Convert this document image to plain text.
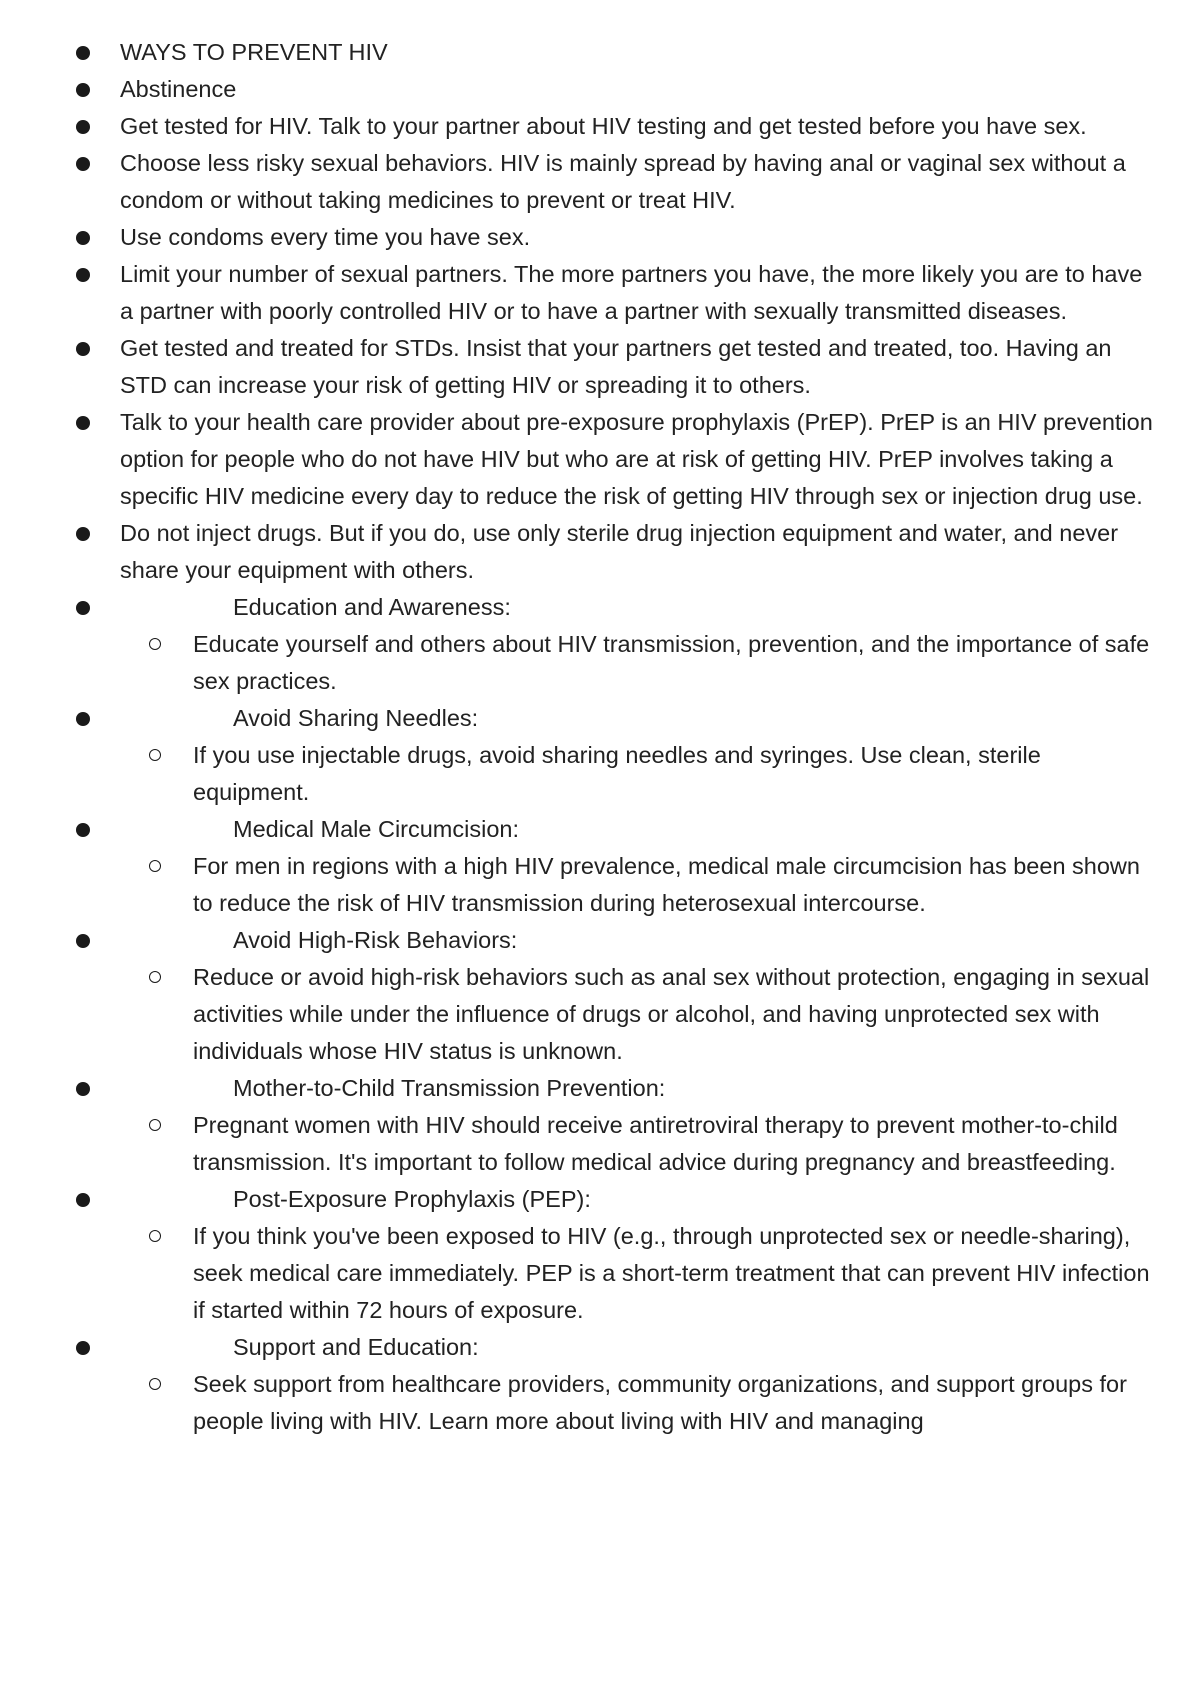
WAYS TO PREVENT HIV
Abstinence
Get tested for HIV. Talk to your partner about HIV testing and get tested before you have sex.
Choose less risky sexual behaviors. HIV is mainly spread by having anal or vaginal sex without a condom or without taking medicines to prevent or treat HIV.
Use condoms every time you have sex.
Limit your number of sexual partners. The more partners you have, the more likely you are to have a partner with poorly controlled HIV or to have a partner with sexually transmitted diseases.
Get tested and treated for STDs. Insist that your partners get tested and treated, too. Having an STD can increase your risk of getting HIV or spreading it to others.
Talk to your health care provider about pre-exposure prophylaxis (PrEP). PrEP is an HIV prevention option for people who do not have HIV but who are at risk of getting HIV. PrEP involves taking a specific HIV medicine every day to reduce the risk of getting HIV through sex or injection drug use.
Do not inject drugs. But if you do, use only sterile drug injection equipment and water, and never share your equipment with others.
Education and Awareness:
Educate yourself and others about HIV transmission, prevention, and the importance of safe sex practices.
Avoid Sharing Needles:
If you use injectable drugs, avoid sharing needles and syringes. Use clean, sterile equipment.
Medical Male Circumcision:
For men in regions with a high HIV prevalence, medical male circumcision has been shown to reduce the risk of HIV transmission during heterosexual intercourse.
Avoid High-Risk Behaviors:
Reduce or avoid high-risk behaviors such as anal sex without protection, engaging in sexual activities while under the influence of drugs or alcohol, and having unprotected sex with individuals whose HIV status is unknown.
Mother-to-Child Transmission Prevention:
Pregnant women with HIV should receive antiretroviral therapy to prevent mother-to-child transmission. It's important to follow medical advice during pregnancy and breastfeeding.
Post-Exposure Prophylaxis (PEP):
If you think you've been exposed to HIV (e.g., through unprotected sex or needle-sharing), seek medical care immediately. PEP is a short-term treatment that can prevent HIV infection if started within 72 hours of exposure.
Support and Education:
Seek support from healthcare providers, community organizations, and support groups for people living with HIV. Learn more about living with HIV and managing
